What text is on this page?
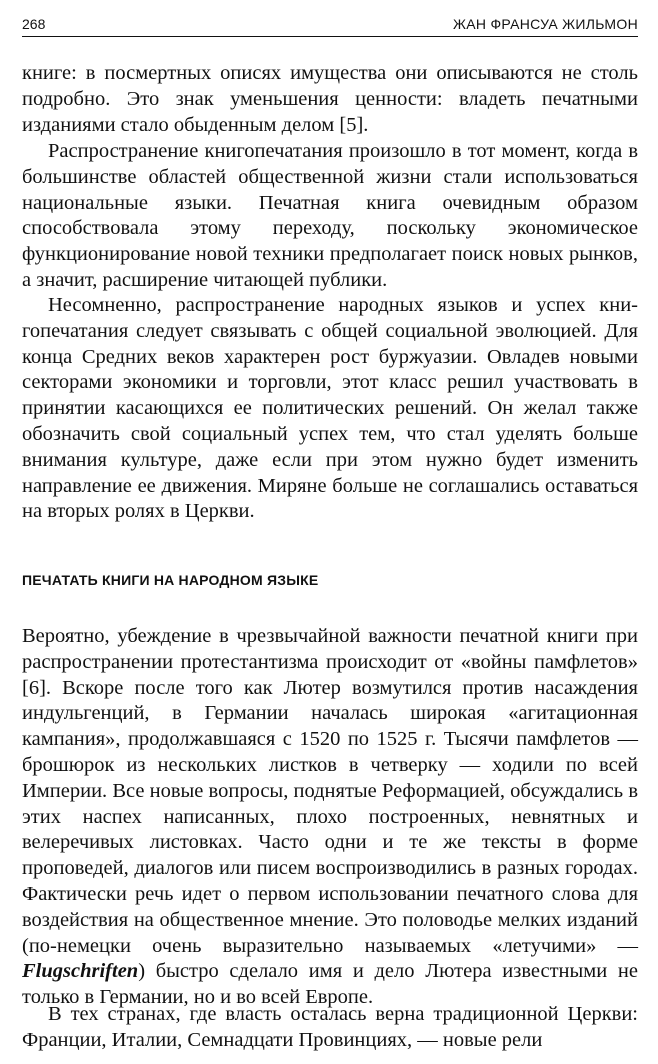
268	ЖАН ФРАНСУА ЖИЛЬМОН

книге: в посмертных описях имущества они описываются не столь подробно. Это знак уменьшения ценности: владеть печатными изданиями стало обыденным делом [5].

Распространение книгопечатания произошло в тот момент, когда в большинстве областей общественной жизни стали использоваться национальные языки. Печатная книга очевидным образом способствовала этому переходу, поскольку экономическое функционирование новой техники предполагает поиск новых рынков, а значит, расширение читающей публики.

Несомненно, распространение народных языков и успех книгопечатания следует связывать с общей социальной эволюцией. Для конца Средних веков характерен рост буржуазии. Овладев новыми секторами экономики и торговли, этот класс решил участвовать в принятии касающихся ее политических решений. Он желал также обозначить свой социальный успех тем, что стал уделять больше внимания культуре, даже если при этом нужно будет изменить направление ее движения. Миряне больше не соглашались оставаться на вторых ролях в Церкви.

ПЕЧАТАТЬ КНИГИ НА НАРОДНОМ ЯЗЫКЕ

Вероятно, убеждение в чрезвычайной важности печатной книги при распространении протестантизма происходит от «войны памфлетов» [6]. Вскоре после того как Лютер возмутился против насаждения индульгенций, в Германии началась широкая «агитационная кампания», продолжавшаяся с 1520 по 1525 г. Тысячи памфлетов — брошюрок из нескольких листков в четверку — ходили по всей Империи. Все новые вопросы, поднятые Реформацией, обсуждались в этих наспех написанных, плохо построенных, невнятных и велеречивых листовках. Часто одни и те же тексты в форме проповедей, диалогов или писем воспроизводились в разных городах. Фактически речь идет о первом использовании печатного слова для воздействия на общественное мнение. Это половодье мелких изданий (по-немецки очень выразительно называемых «летучими» — Flugschriften) быстро сделало имя и дело Лютера известными не только в Германии, но и во всей Европе.

В тех странах, где власть осталась верна традиционной Церкви: Франции, Италии, Семнадцати Провинциях, — новые рели
